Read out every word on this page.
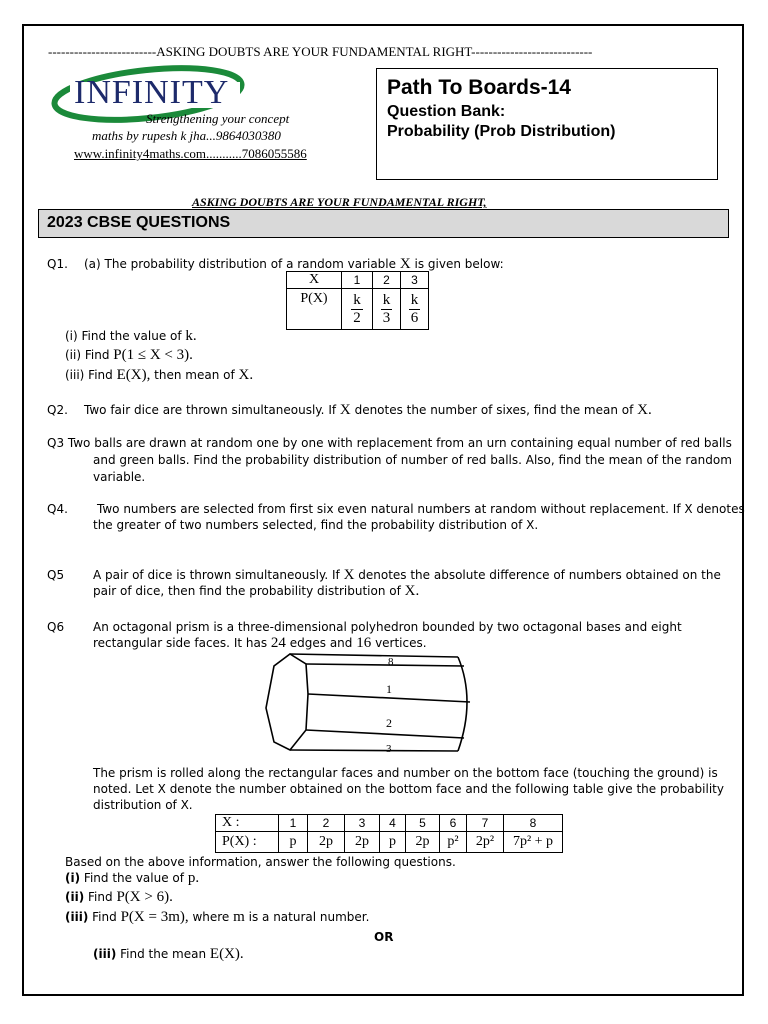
-------------------------ASKING DOUBTS ARE YOUR FUNDAMENTAL RIGHT----------------------------
INFINITY
Strengthening your concept
maths by rupesh k jha...9864030380
www.infinity4maths.com...........7086055586
Path To Boards-14
Question Bank:
Probability (Prob Distribution)
ASKING DOUBTS ARE YOUR FUNDAMENTAL RIGHT,
2023 CBSE QUESTIONS
Q1. (a) The probability distribution of a random variable X is given below:
X	1	2	3
P(X)	$\frac{k}{2}$	$\frac{k}{3}$	$\frac{k}{6}$
(i) Find the value of k.
(ii) Find P(1 ≤ X < 3).
(iii) Find E(X), then mean of X.
Q2. Two fair dice are thrown simultaneously. If X denotes the number of sixes, find the mean of X.
Q3 Two balls are drawn at random one by one with replacement from an urn containing equal number of red balls
and green balls. Find the probability distribution of number of red balls. Also, find the mean of the random
variable.
Q4. Two numbers are selected from first six even natural numbers at random without replacement. If X denotes
the greater of two numbers selected, find the probability distribution of X.
Q5 A pair of dice is thrown simultaneously. If X denotes the absolute difference of numbers obtained on the
pair of dice, then find the probability distribution of X.
Q6 An octagonal prism is a three-dimensional polyhedron bounded by two octagonal bases and eight
rectangular side faces. It has 24 edges and 16 vertices.
8
1
2
3
The prism is rolled along the rectangular faces and number on the bottom face (touching the ground) is
noted. Let X denote the number obtained on the bottom face and the following table give the probability
distribution of X.
X :	1	2	3	4	5	6	7	8
P(X) :	p	2p	2p	p	2p	p²	2p²	7p² + p
Based on the above information, answer the following questions.
(i) Find the value of p.
(ii) Find P(X > 6).
(iii) Find P(X = 3m), where m is a natural number.
OR
(iii) Find the mean E(X).
